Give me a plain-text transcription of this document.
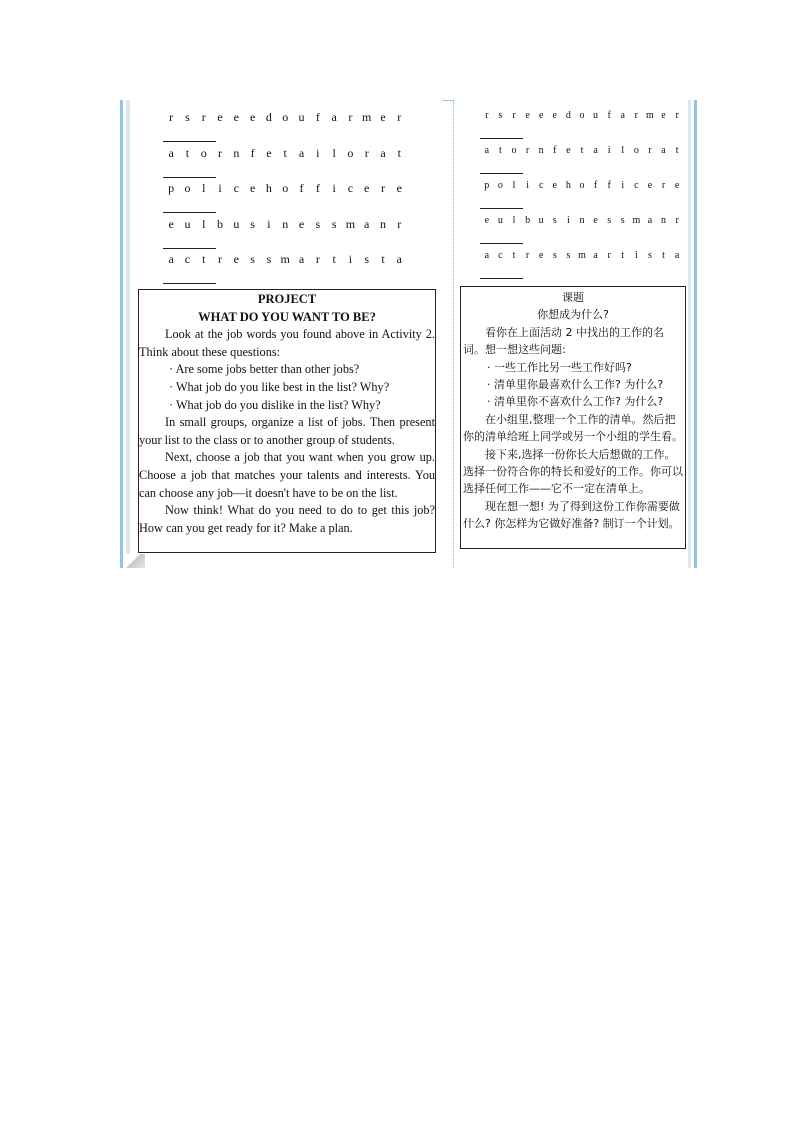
r s r e e e d o u f a r m e r
a t o r n f e t a i l o r a t
p o l i c e h o f f i c e r e
e u l b u s i n e s s m a n r
a c t r e s s m a r t i s t a
PROJECT
WHAT DO YOU WANT TO BE?

Look at the job words you found above in Activity 2. Think about these questions:

· Are some jobs better than other jobs?

· What job do you like best in the list? Why?

· What job do you dislike in the list? Why?

In small groups, organize a list of jobs. Then present your list to the class or to another group of students.

Next, choose a job that you want when you grow up. Choose a job that matches your talents and interests. You can choose any job—it doesn't have to be on the list.

Now think! What do you need to do to get this job? How can you get ready for it? Make a plan.

r s r e e e d o u f a r m e r
a t o r n f e t a i l o r a t
p o l i c e h o f f i c e r e
e u l b u s i n e s s m a n r
a c t r e s s m a r t i s t a
课题
你想成为什么?

看你在上面活动 2 中找出的工作的名词。想一想这些问题:

· 一些工作比另一些工作好吗?

· 清单里你最喜欢什么工作? 为什么?

· 清单里你不喜欢什么工作? 为什么?

在小组里,整理一个工作的清单。然后把你的清单给班上同学或另一个小组的学生看。

接下来,选择一份你长大后想做的工作。选择一份符合你的特长和爱好的工作。你可以选择任何工作——它不一定在清单上。

现在想一想! 为了得到这份工作你需要做什么? 你怎样为它做好准备? 制订一个计划。
